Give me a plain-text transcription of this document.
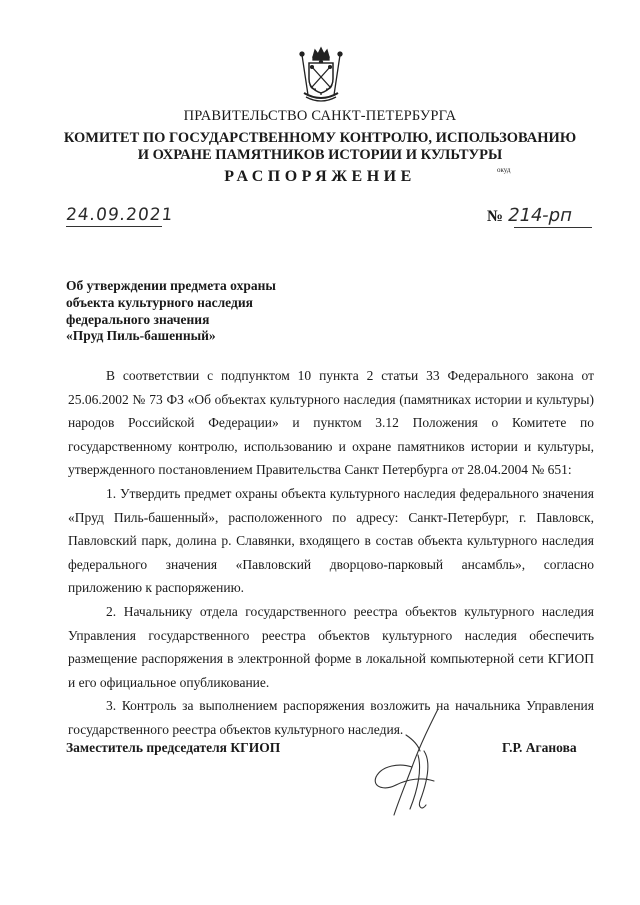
ПРАВИТЕЛЬСТВО САНКТ-ПЕТЕРБУРГА
КОМИТЕТ ПО ГОСУДАРСТВЕННОМУ КОНТРОЛЮ, ИСПОЛЬЗОВАНИЮ
И ОХРАНЕ ПАМЯТНИКОВ ИСТОРИИ И КУЛЬТУРЫ
РАСПОРЯЖЕНИЕ	окуд
24.09.2021	№ 214-рп
Об утверждении предмета охраны
объекта культурного наследия
федерального значения
«Пруд Пиль-башенный»

В соответствии с подпунктом 10 пункта 2 статьи 33 Федерального закона от 25.06.2002 № 73 ФЗ «Об объектах культурного наследия (памятниках истории и культуры) народов Российской Федерации» и пунктом 3.12 Положения о Комитете по государственному контролю, использованию и охране памятников истории и культуры, утвержденного постановлением Правительства Санкт Петербурга от 28.04.2004 № 651:

1. Утвердить предмет охраны объекта культурного наследия федерального значения «Пруд Пиль-башенный», расположенного по адресу: Санкт-Петербург, г. Павловск, Павловский парк, долина р. Славянки, входящего в состав объекта культурного наследия федерального значения «Павловский дворцово-парковый ансамбль», согласно приложению к распоряжению.

2. Начальнику отдела государственного реестра объектов культурного наследия Управления государственного реестра объектов культурного наследия обеспечить размещение распоряжения в электронной форме в локальной компьютерной сети КГИОП и его официальное опубликование.

3. Контроль за выполнением распоряжения возложить на начальника Управления государственного реестра объектов культурного наследия.

Заместитель председателя КГИОП	Г.Р. Аганова
